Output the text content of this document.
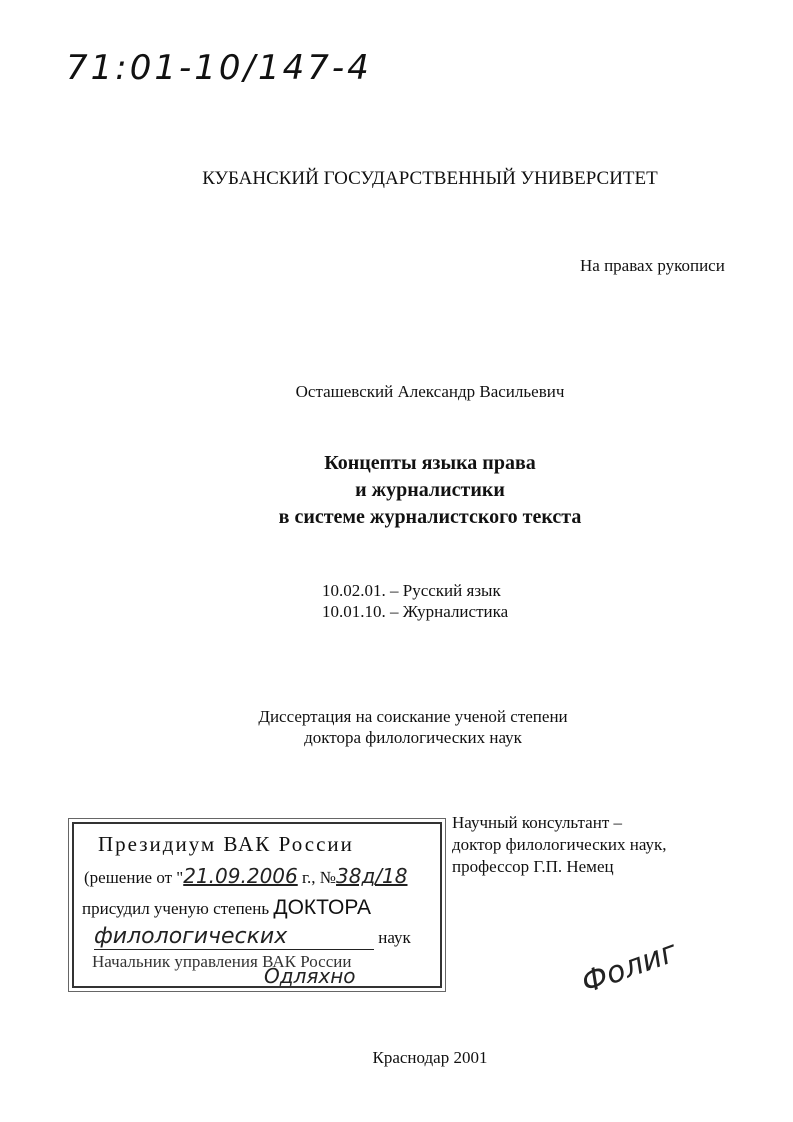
71:01-10/147-4
КУБАНСКИЙ ГОСУДАРСТВЕННЫЙ УНИВЕРСИТЕТ
На правах рукописи
Осташевский Александр Васильевич
Концепты языка права
и журналистики
в системе журналистского текста
10.02.01. – Русский язык
10.01.10. – Журналистика
Диссертация на соискание ученой степени
доктора филологических наук
Президиум ВАК России
(решение от "21.09.2006 г., №38д/18
присудил ученую степень ДОКТОРА
филологических	наук
Начальник управления ВАК России
Одляхно
Научный консультант –
доктор филологических наук,
профессор Г.П. Немец
Фолиг
Краснодар 2001
